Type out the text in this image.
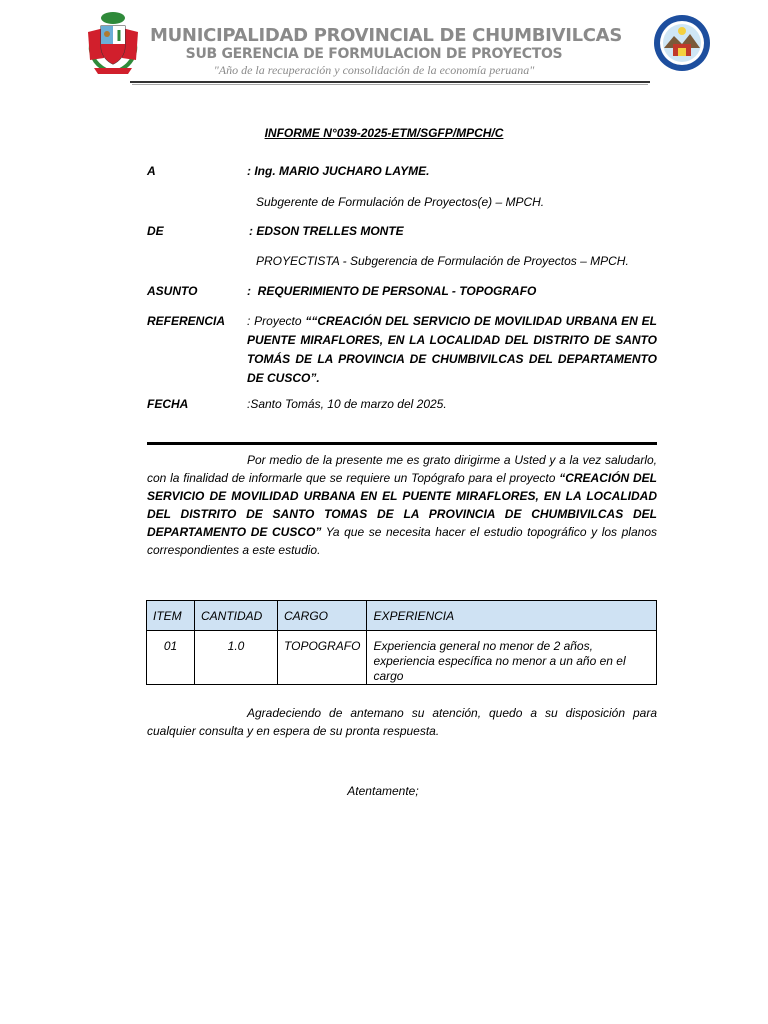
MUNICIPALIDAD PROVINCIAL DE CHUMBIVILCAS
SUB GERENCIA DE FORMULACION DE PROYECTOS
"Año de la recuperación y consolidación de la economía peruana"
INFORME N°039-2025-ETM/SGFP/MPCH/C
A	: Ing. MARIO JUCHARO LAYME.
Subgerente de Formulación de Proyectos(e) – MPCH.
DE	: EDSON TRELLES MONTE
PROYECTISTA - Subgerencia de Formulación de Proyectos – MPCH.
ASUNTO	:  REQUERIMIENTO DE PERSONAL - TOPOGRAFO
REFERENCIA : Proyecto ““CREACIÓN DEL SERVICIO DE MOVILIDAD URBANA EN EL PUENTE MIRAFLORES, EN LA LOCALIDAD DEL DISTRITO DE SANTO TOMÁS DE LA PROVINCIA DE CHUMBIVILCAS DEL DEPARTAMENTO DE CUSCO”.
FECHA	:Santo Tomás, 10 de marzo del 2025.
Por medio de la presente me es grato dirigirme a Usted y a la vez saludarlo, con la finalidad de informarle que se requiere un Topógrafo para el proyecto “CREACIÓN DEL SERVICIO DE MOVILIDAD URBANA EN EL PUENTE MIRAFLORES, EN LA LOCALIDAD DEL DISTRITO DE SANTO TOMAS DE LA PROVINCIA DE CHUMBIVILCAS DEL DEPARTAMENTO DE CUSCO” Ya que se necesita hacer el estudio topográfico y los planos correspondientes a este estudio.
ITEM	CANTIDAD	CARGO	EXPERIENCIA
01	1.0	TOPOGRAFO	Experiencia general no menor de 2 años, experiencia específica no menor a un año en el cargo
Agradeciendo de antemano su atención, quedo a su disposición para cualquier consulta y en espera de su pronta respuesta.
Atentamente;
